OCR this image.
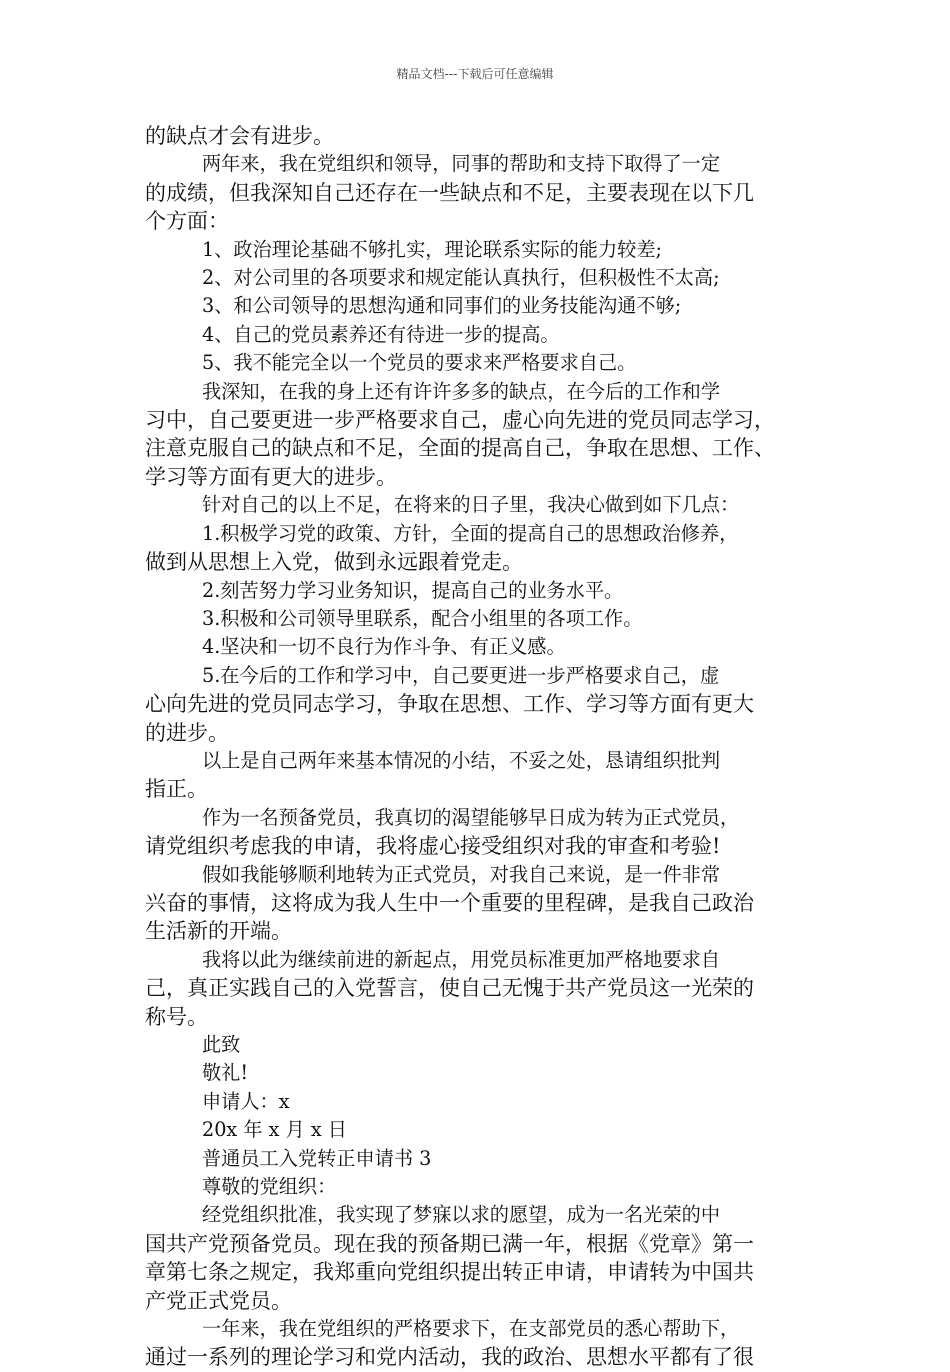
精品文档---下载后可任意编辑

的缺点才会有进步。

两年来，我在党组织和领导，同事的帮助和支持下取得了一定

的成绩，但我深知自己还存在一些缺点和不足，主要表现在以下几

个方面：

1、政治理论基础不够扎实，理论联系实际的能力较差;

2、对公司里的各项要求和规定能认真执行，但积极性不太高;

3、和公司领导的思想沟通和同事们的业务技能沟通不够;

4、自己的党员素养还有待进一步的提高。

5、我不能完全以一个党员的要求来严格要求自己。

我深知，在我的身上还有许许多多的缺点，在今后的工作和学

习中，自己要更进一步严格要求自己，虚心向先进的党员同志学习，

注意克服自己的缺点和不足，全面的提高自己，争取在思想、工作、

学习等方面有更大的进步。

针对自己的以上不足，在将来的日子里，我决心做到如下几点：

1.积极学习党的政策、方针，全面的提高自己的思想政治修养，

做到从思想上入党，做到永远跟着党走。

2.刻苦努力学习业务知识，提高自己的业务水平。

3.积极和公司领导里联系，配合小组里的各项工作。

4.坚决和一切不良行为作斗争、有正义感。

5.在今后的工作和学习中，自己要更进一步严格要求自己，虚

心向先进的党员同志学习，争取在思想、工作、学习等方面有更大

的进步。

以上是自己两年来基本情况的小结，不妥之处，恳请组织批判

指正。

作为一名预备党员，我真切的渴望能够早日成为转为正式党员，

请党组织考虑我的申请，我将虚心接受组织对我的审查和考验!

假如我能够顺利地转为正式党员，对我自己来说，是一件非常

兴奋的事情，这将成为我人生中一个重要的里程碑，是我自己政治

生活新的开端。

我将以此为继续前进的新起点，用党员标准更加严格地要求自

己，真正实践自己的入党誓言，使自己无愧于共产党员这一光荣的

称号。

此致

敬礼!

申请人：x

20x 年 x 月 x 日

普通员工入党转正申请书 3

尊敬的党组织：

经党组织批准，我实现了梦寐以求的愿望，成为一名光荣的中

国共产党预备党员。现在我的预备期已满一年，根据《党章》第一

章第七条之规定，我郑重向党组织提出转正申请，申请转为中国共

产党正式党员。

一年来，我在党组织的严格要求下，在支部党员的悉心帮助下，

通过一系列的理论学习和党内活动，我的政治、思想水平都有了很
